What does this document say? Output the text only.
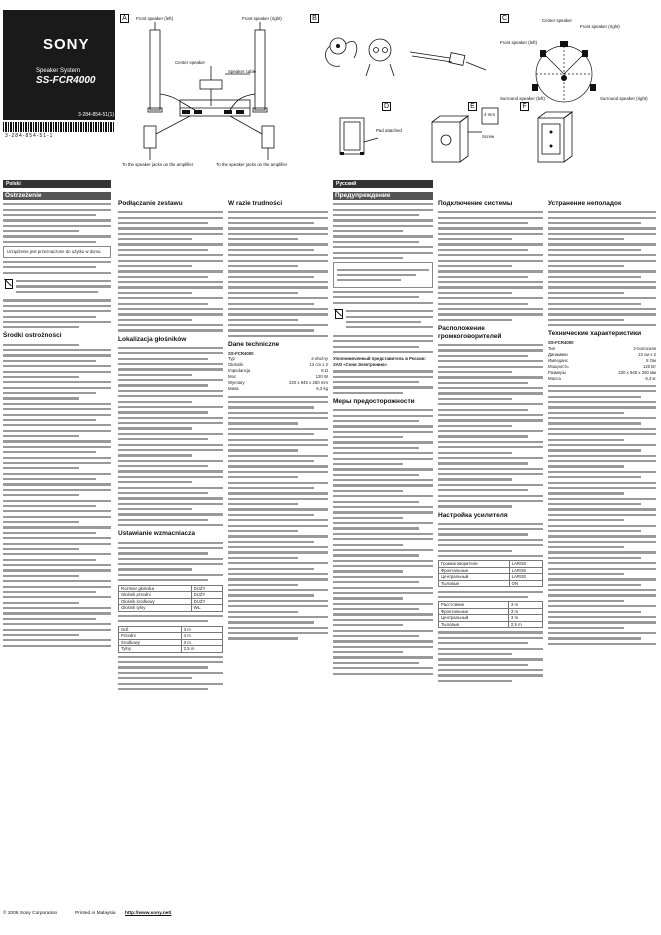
SONY
Speaker System
SS-FCR4000
3-284-854-51(1)
3-284-854-51-1
A	Front speaker (left)	Front speaker (right)
Center speaker
Speaker cable
To the speaker jacks on the amplifier	To the speaker jacks on the amplifier
B	C	Center speaker
Front speaker (right)
Front speaker (left)
Surround speaker (left)	Surround speaker (right)
D
Pad attached
E
4 mm
Screw
F
Polski
Ostrzeżenie
Urządzenie jest przeznaczone do użytku w domu.
Środki ostrożności
Podłączanie zestawu
Lokalizacja głośników
Ustawianie wzmacniacza
Rozmiar głośnika	DUŻY
Głośnik przedni	DUŻY
Głośnik środkowy	DUŻY
Głośnik tylny	WŁ.
Odl.	3 m
Przedni	3 m
Środkowy	3 m
Tylny	2,5 m
W razie trudności
Dane techniczne
SS-FCR4000
Typ	2-drożny
Głośniki	13 cm x 2
Impedancja	8 Ω
Moc	120 W
Wymiary	220 x 945 x 250 mm
Masa	6,3 kg
Русский
Предупреждение
Уполномоченный представитель в России: ЗАО «Сони Электроникс»
Меры предосторожности
Подключение системы
Расположение громкоговорителей
Настройка усилителя
Громкоговорители	LARGE
Фронтальные	LARGE
Центральный	LARGE
Тыловые	ON
Расстояние	3 m
Фронтальные	3 m
Центральный	3 m
Тыловые	2,5 m
Устранение неполадок
Технические характеристики
SS-FCR4000
Тип	2-полосная
Динамики	13 см x 2
Импеданс	8 Ом
Мощность	120 Вт
Размеры	220 x 945 x 250 мм
Масса	6,3 кг
© 2006 Sony Corporation	Printed in Malaysia http://www.sony.net/
